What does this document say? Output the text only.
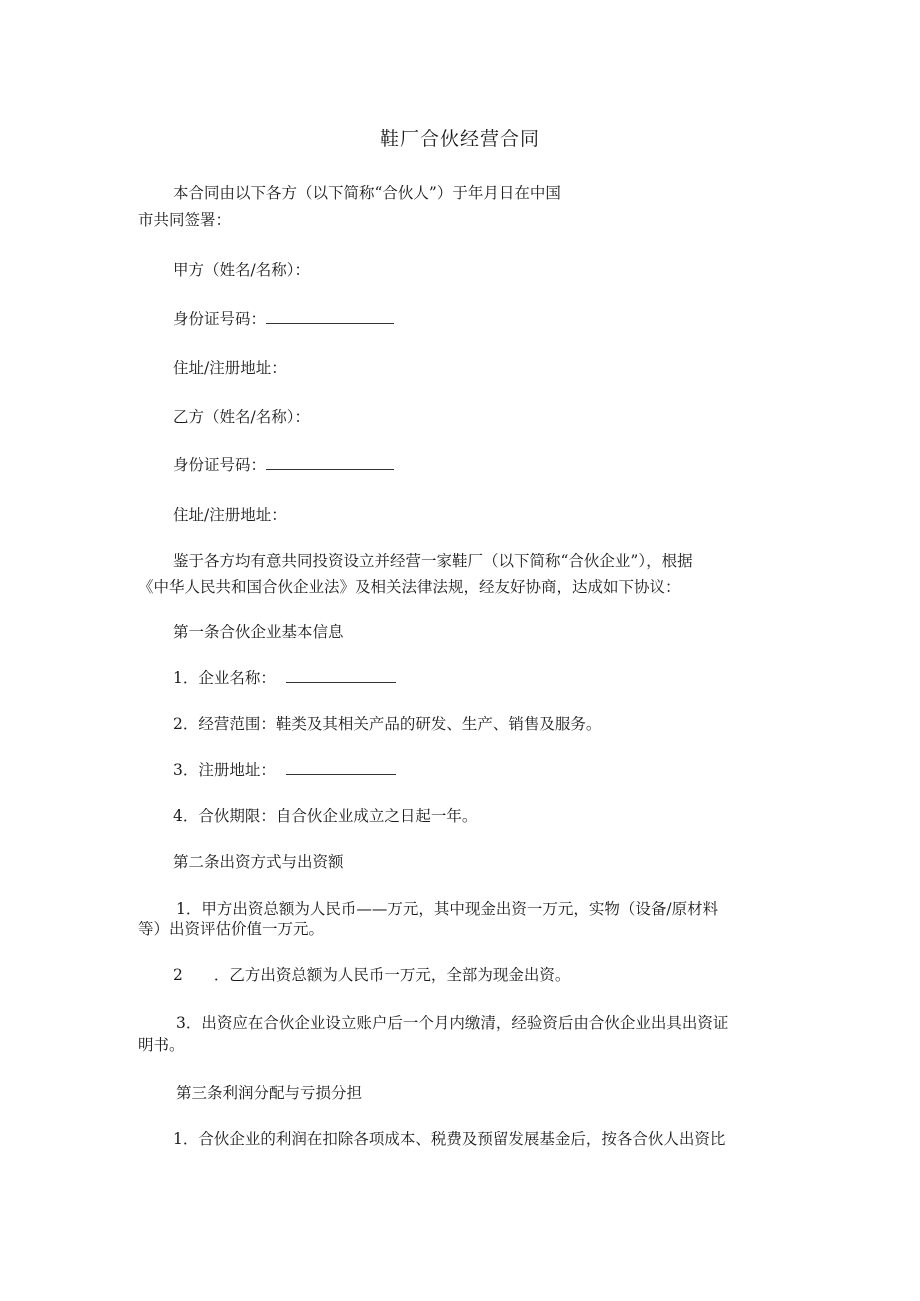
鞋厂合伙经营合同
本合同由以下各方（以下简称“合伙人”）于年月日在中国
市共同签署：
甲方（姓名/名称）：
身份证号码：
住址/注册地址：
乙方（姓名/名称）：
身份证号码：
住址/注册地址：
鉴于各方均有意共同投资设立并经营一家鞋厂（以下简称“合伙企业”），根据
《中华人民共和国合伙企业法》及相关法律法规，经友好协商，达成如下协议：
第一条合伙企业基本信息
1．企业名称：
2．经营范围：鞋类及其相关产品的研发、生产、销售及服务。
3．注册地址：
4．合伙期限：自合伙企业成立之日起一年。
第二条出资方式与出资额
1．甲方出资总额为人民币——万元，其中现金出资一万元，实物（设备/原材料
等）出资评估价值一万元。
2　　．乙方出资总额为人民币一万元，全部为现金出资。
3．出资应在合伙企业设立账户后一个月内缴清，经验资后由合伙企业出具出资证
明书。
第三条利润分配与亏损分担
1．合伙企业的利润在扣除各项成本、税费及预留发展基金后，按各合伙人出资比
